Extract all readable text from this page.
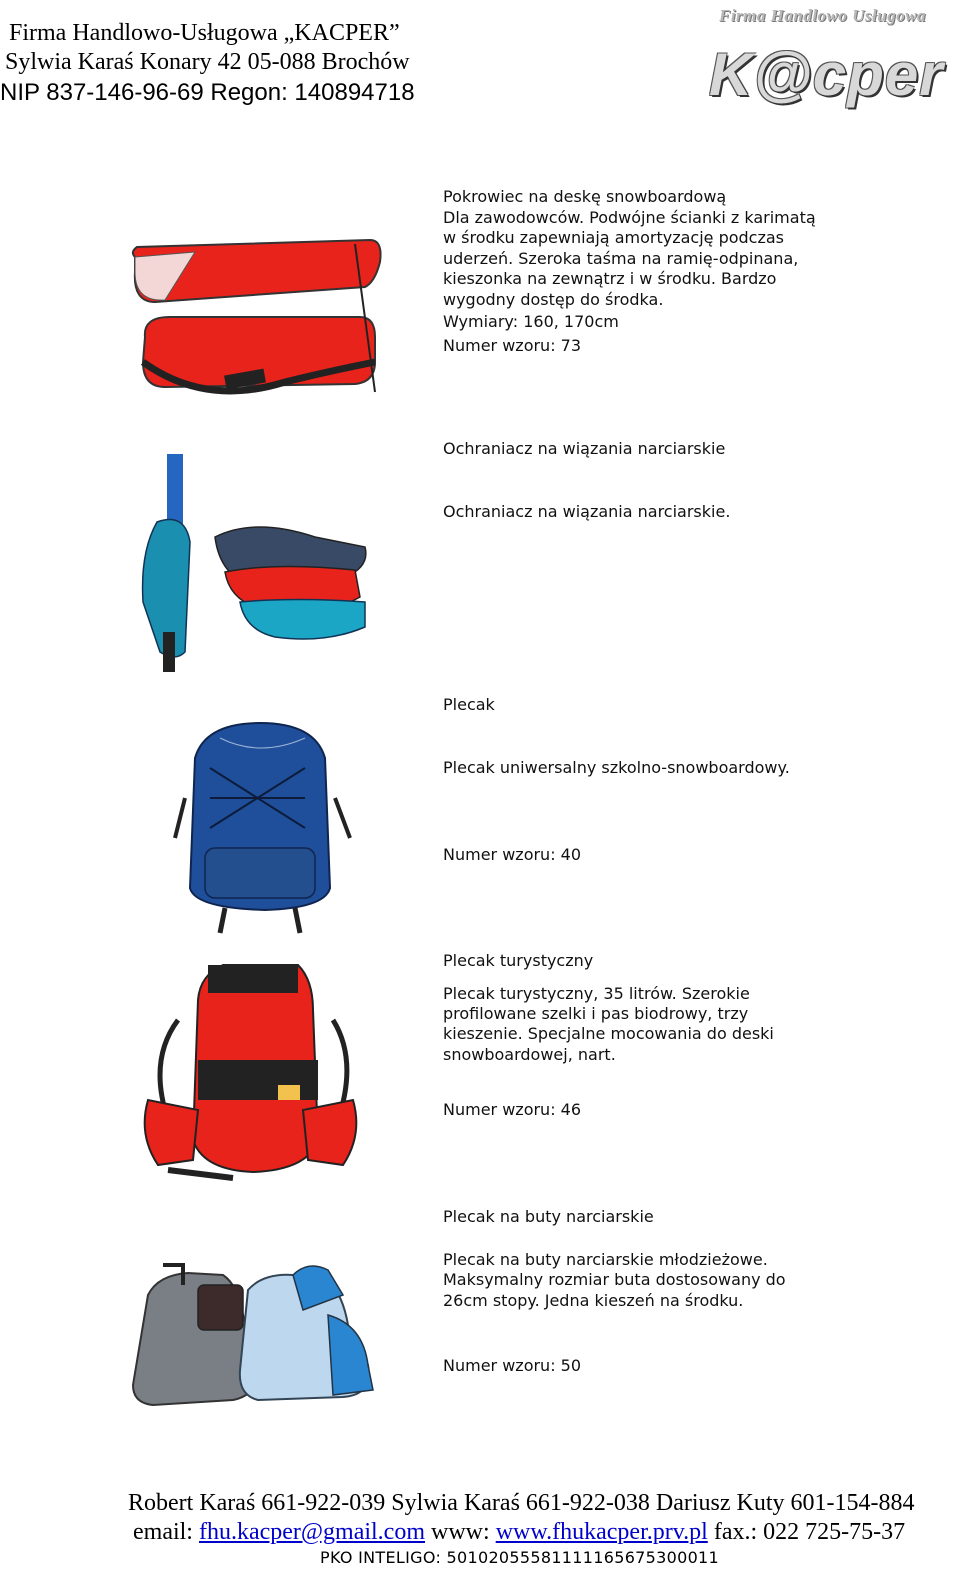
Firma Handlowo-Usługowa „KACPER”
Sylwia Karaś Konary 42 05-088 Brochów
NIP 837-146-96-69 Regon: 140894718
Firma Handlowo Usługowa
K@cper
Pokrowiec na deskę snowboardową
Dla zawodowców. Podwójne ścianki z karimatą
w środku zapewniają amortyzację podczas
uderzeń. Szeroka taśma na ramię-odpinana,
kieszonka na zewnątrz i w środku. Bardzo
wygodny dostęp do środka.
Wymiary: 160, 170cm
Numer wzoru: 73
Ochraniacz na wiązania narciarskie
Ochraniacz na wiązania narciarskie.
Plecak
Plecak uniwersalny szkolno-snowboardowy.
Numer wzoru: 40
Plecak turystyczny
Plecak turystyczny, 35 litrów. Szerokie
profilowane szelki i pas biodrowy, trzy
kieszenie. Specjalne mocowania do deski
snowboardowej, nart.
Numer wzoru: 46
Plecak na buty narciarskie
Plecak na buty narciarskie młodzieżowe.
Maksymalny rozmiar buta dostosowany do
26cm stopy. Jedna kieszeń na środku.
Numer wzoru: 50
Robert Karaś 661-922-039 Sylwia Karaś 661-922-038 Dariusz Kuty 601-154-884
email: fhu.kacper@gmail.com www: www.fhukacper.prv.pl fax.: 022 725-75-37
PKO INTELIGO: 50102055581111165675300011
